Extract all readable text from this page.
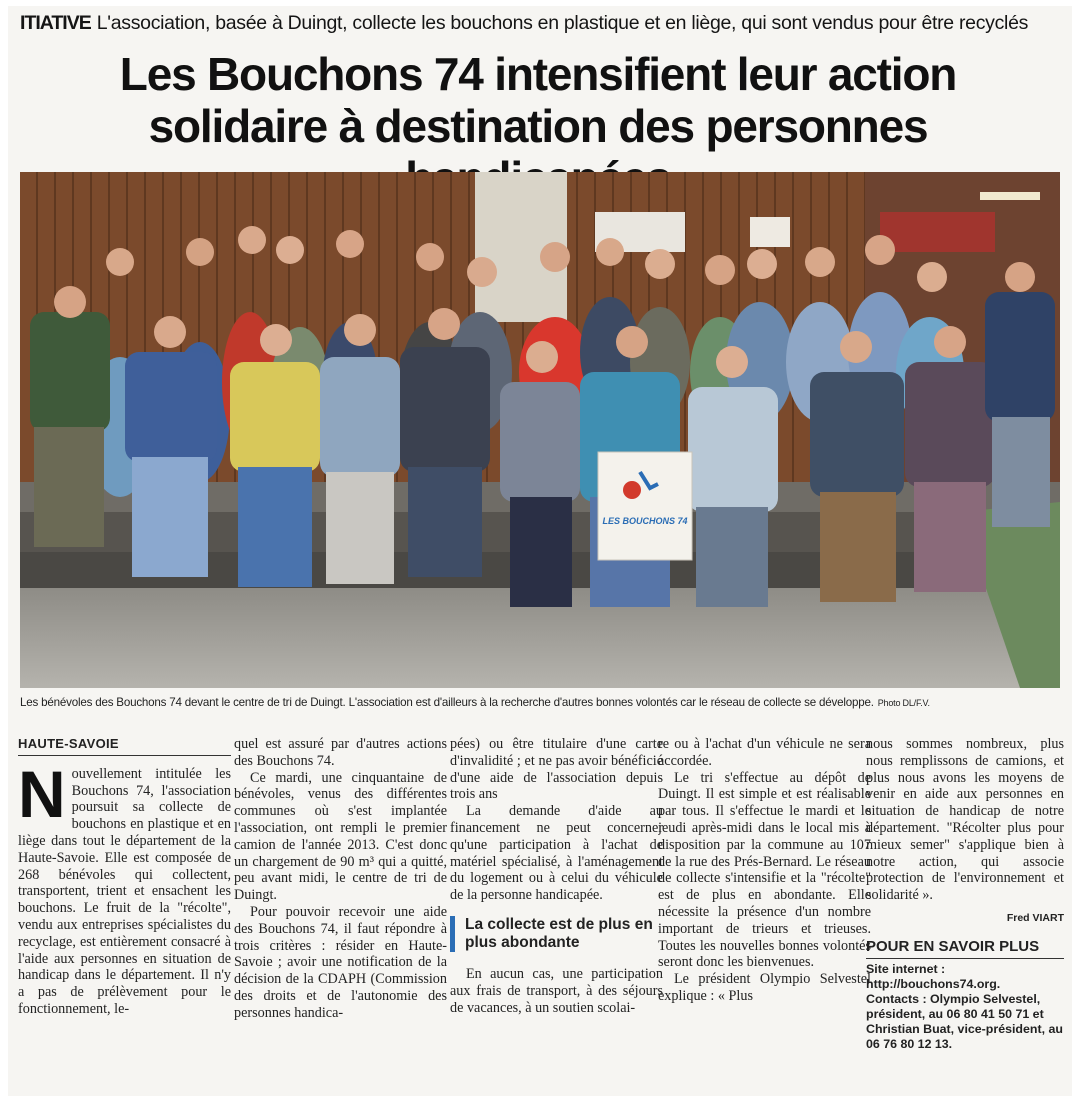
ITIATIVE L'association, basée à Duingt, collecte les bouchons en plastique et en liège, qui sont vendus pour être recyclés
Les Bouchons 74 intensifient leur action
solidaire à destination des personnes
LES BOUCHONS 74
Les bénévoles des Bouchons 74 devant le centre de tri de Duingt. L'association est d'ailleurs à la recherche d'autres bonnes volontés car le réseau de collecte se développe. Photo DL/F.V.
HAUTE-SAVOIE
N ouvellement intitulée les Bouchons 74, l'association poursuit sa collecte de bouchons en plastique et en liège dans tout le département de la Haute-Savoie. Elle est composée de 268 bénévoles qui collectent, transportent, trient et ensachent les bouchons. Le fruit de la "récolte", vendu aux entreprises spécialistes du recyclage, est entièrement consacré à l'aide aux personnes en situation de handicap dans le département. Il n'y a pas de prélèvement pour le fonctionnement, le-

quel est assuré par d'autres actions des Bouchons 74.

Ce mardi, une cinquantaine de bénévoles, venus des différentes communes où s'est implantée l'association, ont rempli le premier camion de l'année 2013. C'est donc un chargement de 90 m³ qui a quitté, peu avant midi, le centre de tri de Duingt.

Pour pouvoir recevoir une aide des Bouchons 74, il faut répondre à trois critères : résider en Haute-Savoie ; avoir une notification de la décision de la CDAPH (Commission des droits et de l'autonomie des personnes handica-

pées) ou être titulaire d'une carte d'invalidité ; et ne pas avoir bénéficié d'une aide de l'association depuis trois ans

La demande d'aide au financement ne peut concerner qu'une participation à l'achat de matériel spécialisé, à l'aménagement du logement ou à celui du véhicule de la personne handicapée.

La collecte est de plus en plus abondante

En aucun cas, une participation aux frais de transport, à des séjours de vacances, à un soutien scolai-

re ou à l'achat d'un véhicule ne sera accordée.

Le tri s'effectue au dépôt de Duingt. Il est simple et est réalisable par tous. Il s'effectue le mardi et le jeudi après-midi dans le local mis à disposition par la commune au 107 de la rue des Prés-Bernard. Le réseau de collecte s'intensifie et la "récolte" est de plus en abondante. Elle nécessite la présence d'un nombre important de trieurs et trieuses. Toutes les nouvelles bonnes volontés seront donc les bienvenues.

Le président Olympio Selvestel explique : « Plus

nous sommes nombreux, plus nous remplissons de camions, et plus nous avons les moyens de venir en aide aux personnes en situation de handicap de notre département. "Récolter plus pour mieux semer" s'applique bien à notre action, qui associe protection de l'environnement et solidarité ».

Fred VIART
POUR EN SAVOIR PLUS
Site internet :
http://bouchons74.org.
Contacts : Olympio Selvestel, président, au 06 80 41 50 71 et Christian Buat, vice-président, au 06 76 80 12 13.
